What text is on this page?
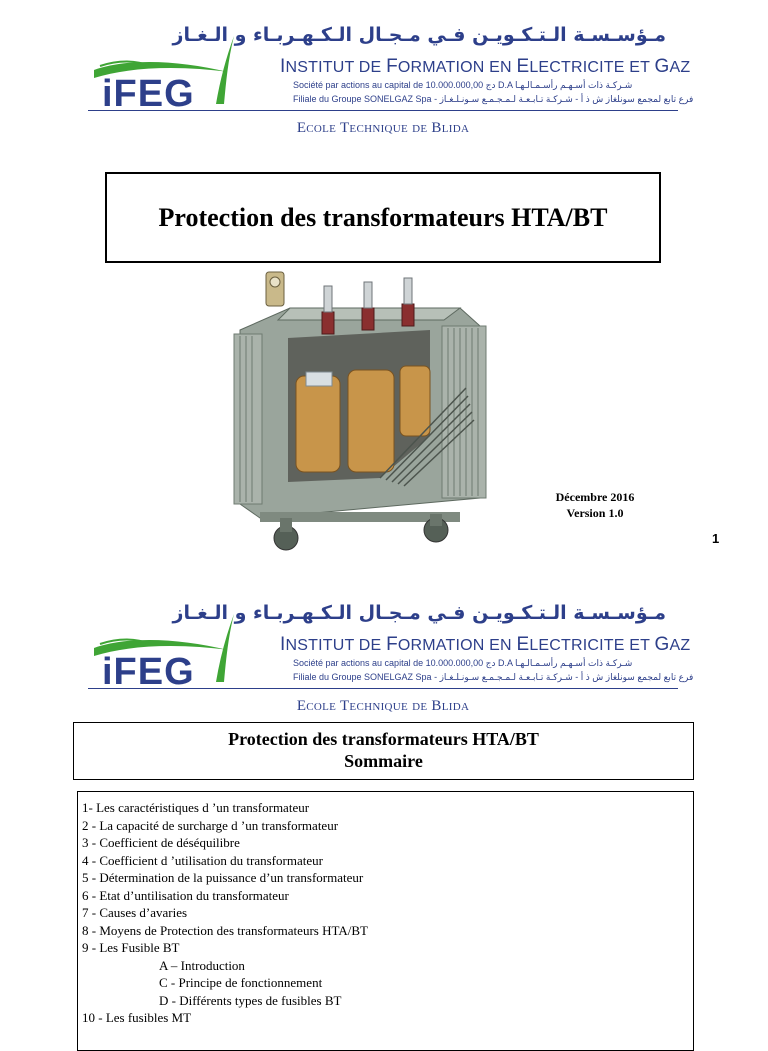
iFEG
مـؤسـسـة الـتـكـويـن فـي مـجـال الـكـهـربـاء و الـغـاز
INSTITUT DE FORMATION EN ELECTRICITE ET GAZ
Société par actions au capital de دج 10.000.000,00 D.A شـركـة ذات أسـهـم رأسـمـالـهـا
Filiale du Groupe SONELGAZ Spa - فرع تابع لمجمع سونلغاز ش ذ أ - شـركـة تـابـعـة لـمـجـمـع سـونـلـغـاز
Ecole Technique de Blida
Protection des transformateurs HTA/BT
Décembre 2016
Version 1.0
1
iFEG
مـؤسـسـة الـتـكـويـن فـي مـجـال الـكـهـربـاء و الـغـاز
INSTITUT DE FORMATION EN ELECTRICITE ET GAZ
Société par actions au capital de دج 10.000.000,00 D.A شـركـة ذات أسـهـم رأسـمـالـهـا
Filiale du Groupe SONELGAZ Spa - فرع تابع لمجمع سونلغاز ش ذ أ - شـركـة تـابـعـة لـمـجـمـع سـونـلـغـاز
Ecole Technique de Blida
Protection des transformateurs HTA/BT
Sommaire
1- Les caractéristiques d ’un transformateur
2 - La capacité de surcharge d ’un transformateur
3 - Coefficient de déséquilibre
4 - Coefficient d ’utilisation du transformateur
5 - Détermination de la puissance d’un transformateur
6 - Etat d’untilisation du transformateur
7 - Causes d’avaries
8 - Moyens de Protection des transformateurs HTA/BT
9 - Les Fusible BT
A – Introduction
C - Principe de fonctionnement
D - Différents types de fusibles BT
10 - Les fusibles MT
